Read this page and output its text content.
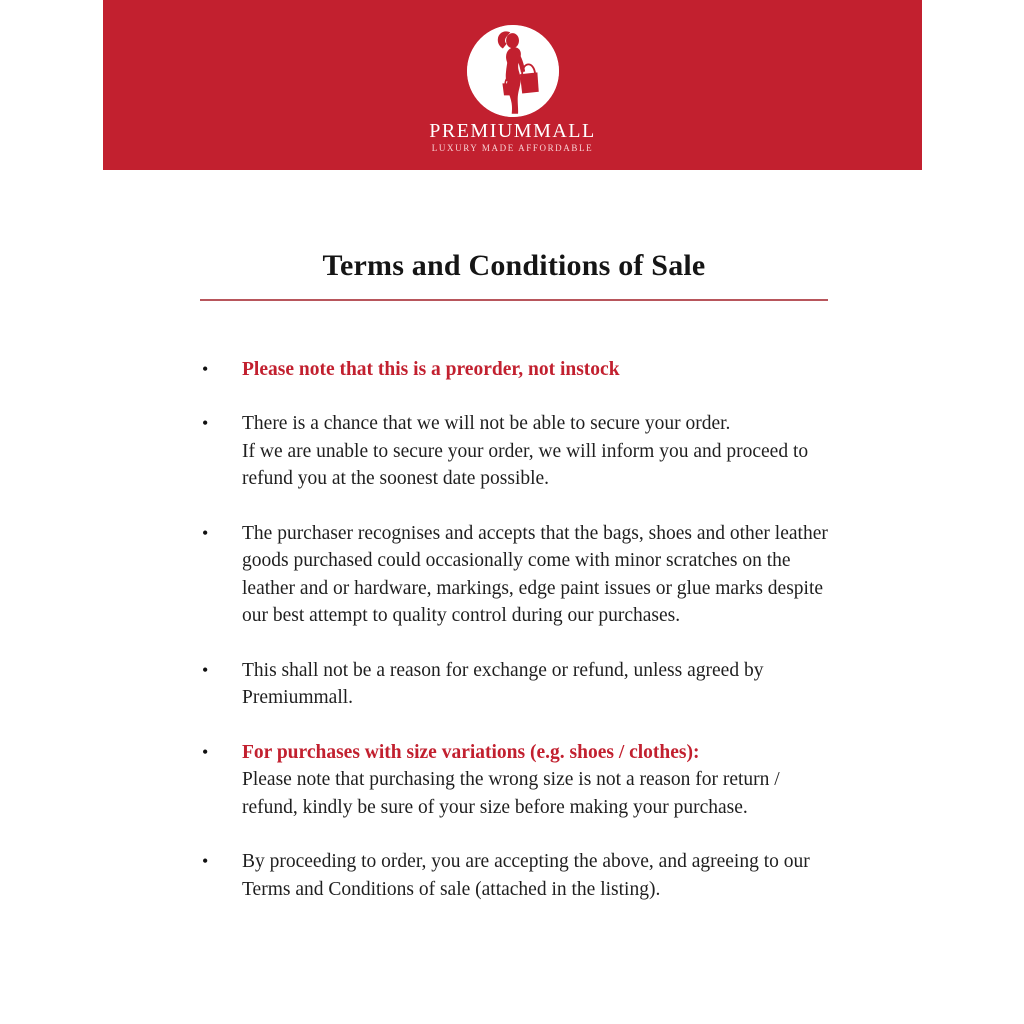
PREMIUMMALL
LUXURY MADE AFFORDABLE
Terms and Conditions of Sale
• Please note that this is a preorder, not instock
• There is a chance that we will not be able to secure your order.
If we are unable to secure your order, we will inform you and proceed to refund you at the soonest date possible.
• The purchaser recognises and accepts that the bags, shoes and other leather goods purchased could occasionally come with minor scratches on the leather and or hardware, markings, edge paint issues or glue marks despite our best attempt to quality control during our purchases.
• This shall not be a reason for exchange or refund, unless agreed by Premiummall.
• For purchases with size variations (e.g. shoes / clothes):
Please note that purchasing the wrong size is not a reason for return / refund, kindly be sure of your size before making your purchase.
• By proceeding to order, you are accepting the above, and agreeing to our Terms and Conditions of sale (attached in the listing).
